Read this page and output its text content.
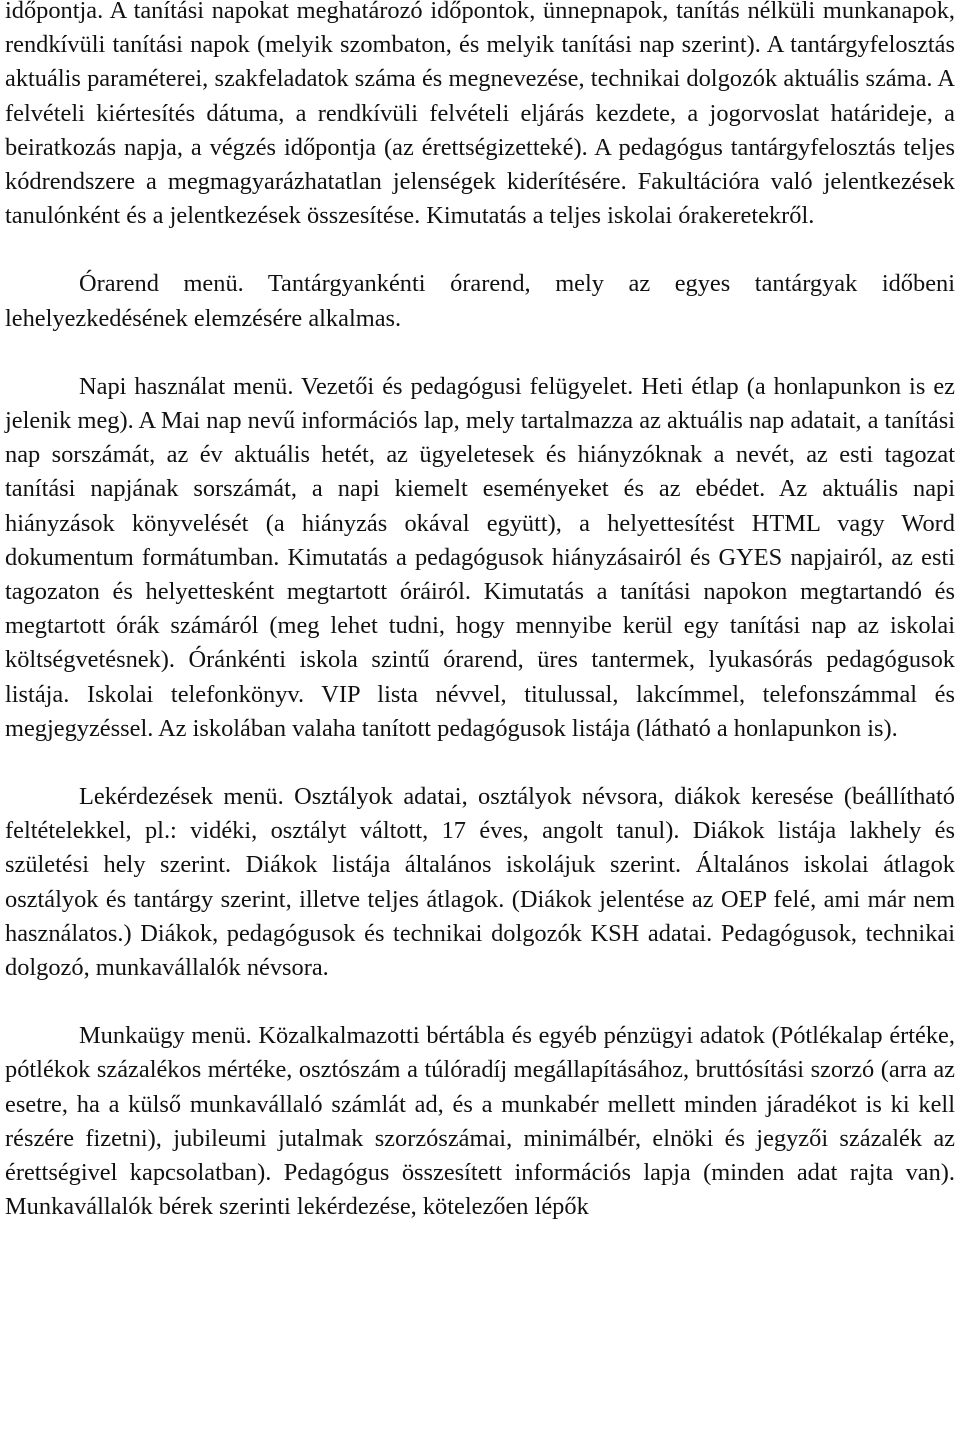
időpontja. A tanítási napokat meghatározó időpontok, ünnepnapok, tanítás nélküli munkanapok, rendkívüli tanítási napok (melyik szombaton, és melyik tanítási nap szerint). A tantárgyfelosztás aktuális paraméterei, szakfeladatok száma és megnevezése, technikai dolgozók aktuális száma. A felvételi kiértesítés dátuma, a rendkívüli felvételi eljárás kezdete, a jogorvoslat határideje, a beiratkozás napja, a végzés időpontja (az érettségizetteké). A pedagógus tantárgyfelosztás teljes kódrendszere a megmagyarázhatatlan jelenségek kiderítésére. Fakultációra való jelentkezések tanulónként és a jelentkezések összesítése. Kimutatás a teljes iskolai órakeretekről.

Órarend menü. Tantárgyankénti órarend, mely az egyes tantárgyak időbeni lehelyezkedésének elemzésére alkalmas.

Napi használat menü. Vezetői és pedagógusi felügyelet. Heti étlap (a honlapunkon is ez jelenik meg). A Mai nap nevű információs lap, mely tartalmazza az aktuális nap adatait, a tanítási nap sorszámát, az év aktuális hetét, az ügyeletesek és hiányzóknak a nevét, az esti tagozat tanítási napjának sorszámát, a napi kiemelt eseményeket és az ebédet. Az aktuális napi hiányzások könyvelését (a hiányzás okával együtt), a helyettesítést HTML vagy Word dokumentum formátumban. Kimutatás a pedagógusok hiányzásairól és GYES napjairól, az esti tagozaton és helyettesként megtartott óráiról. Kimutatás a tanítási napokon megtartandó és megtartott órák számáról (meg lehet tudni, hogy mennyibe kerül egy tanítási nap az iskolai költségvetésnek). Óránkénti iskola szintű órarend, üres tantermek, lyukasórás pedagógusok listája. Iskolai telefonkönyv. VIP lista névvel, titulussal, lakcímmel, telefonszámmal és megjegyzéssel. Az iskolában valaha tanított pedagógusok listája (látható a honlapunkon is).

Lekérdezések menü. Osztályok adatai, osztályok névsora, diákok keresése (beállítható feltételekkel, pl.: vidéki, osztályt váltott, 17 éves, angolt tanul). Diákok listája lakhely és születési hely szerint. Diákok listája általános iskolájuk szerint. Általános iskolai átlagok osztályok és tantárgy szerint, illetve teljes átlagok. (Diákok jelentése az OEP felé, ami már nem használatos.) Diákok, pedagógusok és technikai dolgozók KSH adatai. Pedagógusok, technikai dolgozó, munkavállalók névsora.

Munkaügy menü. Közalkalmazotti bértábla és egyéb pénzügyi adatok (Pótlékalap értéke, pótlékok százalékos mértéke, osztószám a túlóradíj megállapításához, bruttósítási szorzó (arra az esetre, ha a külső munkavállaló számlát ad, és a munkabér mellett minden járadékot is ki kell részére fizetni), jubileumi jutalmak szorzószámai, minimálbér, elnöki és jegyzői százalék az érettségivel kapcsolatban). Pedagógus összesített információs lapja (minden adat rajta van). Munkavállalók bérek szerinti lekérdezése, kötelezően lépők
